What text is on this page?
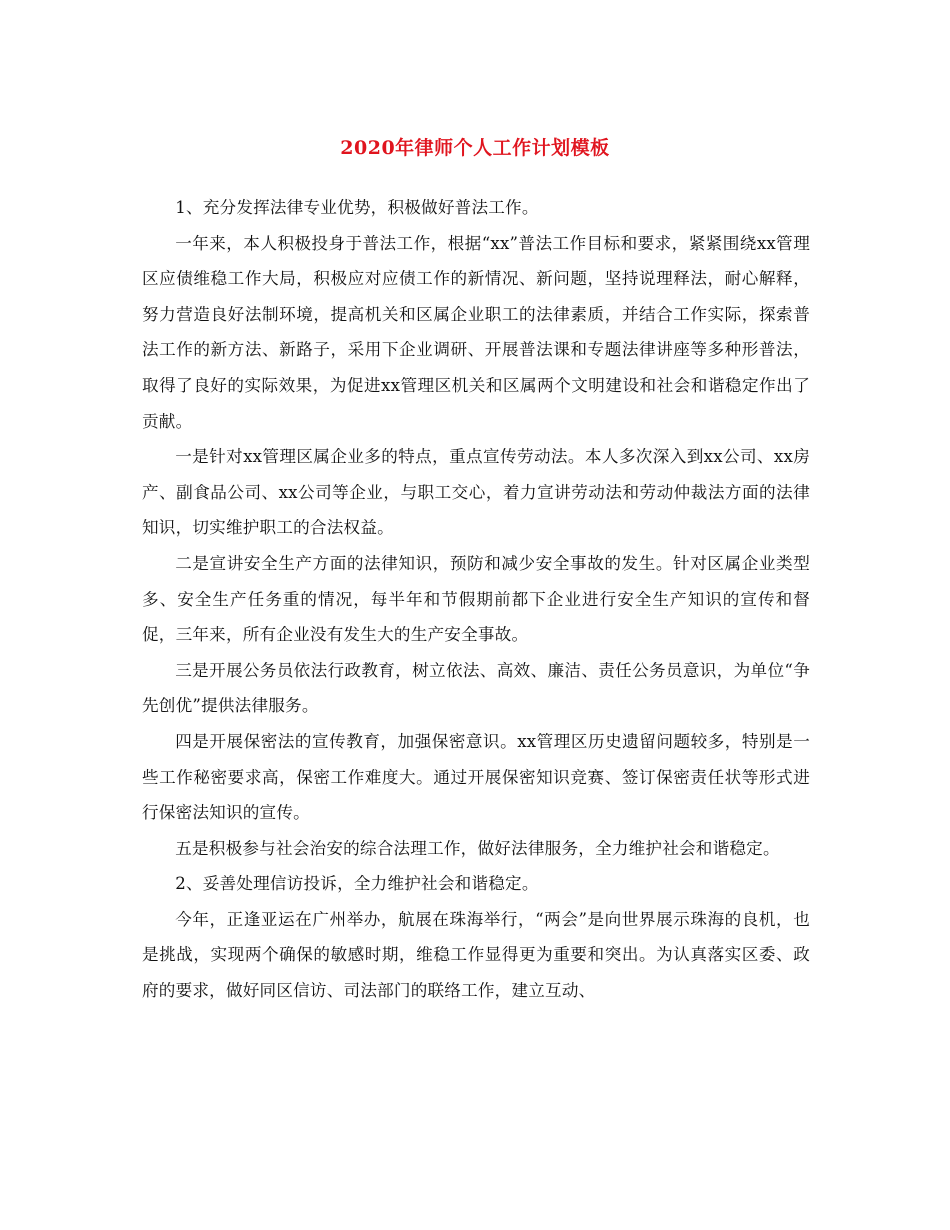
2020年律师个人工作计划模板

1、充分发挥法律专业优势，积极做好普法工作。

一年来，本人积极投身于普法工作，根据“xx”普法工作目标和要求，紧紧围绕xx管理区应债维稳工作大局，积极应对应债工作的新情况、新问题，坚持说理释法，耐心解释，努力营造良好法制环境，提高机关和区属企业职工的法律素质，并结合工作实际，探索普法工作的新方法、新路子，采用下企业调研、开展普法课和专题法律讲座等多种形普法，取得了良好的实际效果，为促进xx管理区机关和区属两个文明建设和社会和谐稳定作出了贡献。

一是针对xx管理区属企业多的特点，重点宣传劳动法。本人多次深入到xx公司、xx房产、副食品公司、xx公司等企业，与职工交心，着力宣讲劳动法和劳动仲裁法方面的法律知识，切实维护职工的合法权益。

二是宣讲安全生产方面的法律知识，预防和减少安全事故的发生。针对区属企业类型多、安全生产任务重的情况，每半年和节假期前都下企业进行安全生产知识的宣传和督促，三年来，所有企业没有发生大的生产安全事故。

三是开展公务员依法行政教育，树立依法、高效、廉洁、责任公务员意识，为单位“争先创优”提供法律服务。

四是开展保密法的宣传教育，加强保密意识。xx管理区历史遗留问题较多，特别是一些工作秘密要求高，保密工作难度大。通过开展保密知识竞赛、签订保密责任状等形式进行保密法知识的宣传。

五是积极参与社会治安的综合法理工作，做好法律服务，全力维护社会和谐稳定。

2、妥善处理信访投诉，全力维护社会和谐稳定。

今年，正逢亚运在广州举办，航展在珠海举行，“两会”是向世界展示珠海的良机，也是挑战，实现两个确保的敏感时期，维稳工作显得更为重要和突出。为认真落实区委、政府的要求，做好同区信访、司法部门的联络工作，建立互动、
